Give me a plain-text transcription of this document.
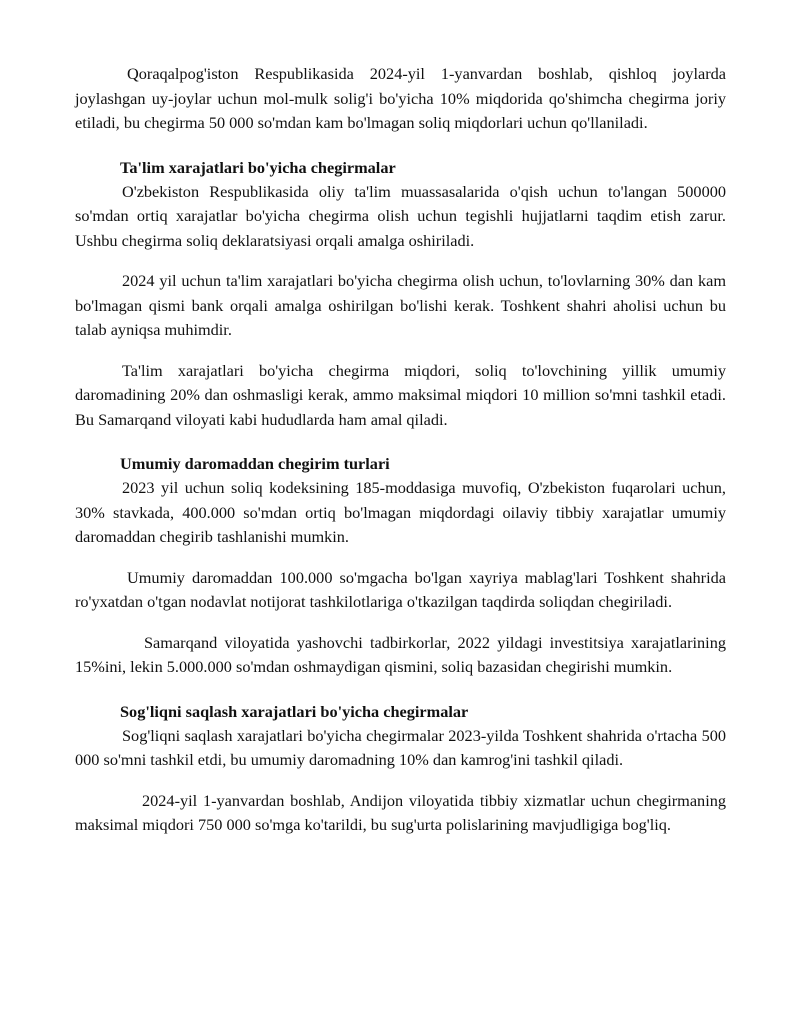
Qoraqalpog'iston Respublikasida 2024-yil 1-yanvardan boshlab, qishloq joylarda joylashgan uy-joylar uchun mol-mulk solig'i bo'yicha 10% miqdorida qo'shimcha chegirma joriy etiladi, bu chegirma 50 000 so'mdan kam bo'lmagan soliq miqdorlari uchun qo'llaniladi.

Ta'lim xarajatlari bo'yicha chegirmalar

O'zbekiston Respublikasida oliy ta'lim muassasalarida o'qish uchun to'langan 500000 so'mdan ortiq xarajatlar bo'yicha chegirma olish uchun tegishli hujjatlarni taqdim etish zarur. Ushbu chegirma soliq deklaratsiyasi orqali amalga oshiriladi.

2024 yil uchun ta'lim xarajatlari bo'yicha chegirma olish uchun, to'lovlarning 30% dan kam bo'lmagan qismi bank orqali amalga oshirilgan bo'lishi kerak. Toshkent shahri aholisi uchun bu talab ayniqsa muhimdir.

Ta'lim xarajatlari bo'yicha chegirma miqdori, soliq to'lovchining yillik umumiy daromadining 20% dan oshmasligi kerak, ammo maksimal miqdori 10 million so'mni tashkil etadi. Bu Samarqand viloyati kabi hududlarda ham amal qiladi.

Umumiy daromaddan chegirim turlari

2023 yil uchun soliq kodeksining 185-moddasiga muvofiq, O'zbekiston fuqarolari uchun, 30% stavkada, 400.000 so'mdan ortiq bo'lmagan miqdordagi oilaviy tibbiy xarajatlar umumiy daromaddan chegirib tashlanishi mumkin.

Umumiy daromaddan 100.000 so'mgacha bo'lgan xayriya mablag'lari Toshkent shahrida ro'yxatdan o'tgan nodavlat notijorat tashkilotlariga o'tkazilgan taqdirda soliqdan chegiriladi.

Samarqand viloyatida yashovchi tadbirkorlar, 2022 yildagi investitsiya xarajatlarining 15%ini, lekin 5.000.000 so'mdan oshmaydigan qismini, soliq bazasidan chegirishi mumkin.

Sog'liqni saqlash xarajatlari bo'yicha chegirmalar

Sog'liqni saqlash xarajatlari bo'yicha chegirmalar 2023-yilda Toshkent shahrida o'rtacha 500 000 so'mni tashkil etdi, bu umumiy daromadning 10% dan kamrog'ini tashkil qiladi.

2024-yil 1-yanvardan boshlab, Andijon viloyatida tibbiy xizmatlar uchun chegirmaning maksimal miqdori 750 000 so'mga ko'tarildi, bu sug'urta polislarining mavjudligiga bog'liq.
